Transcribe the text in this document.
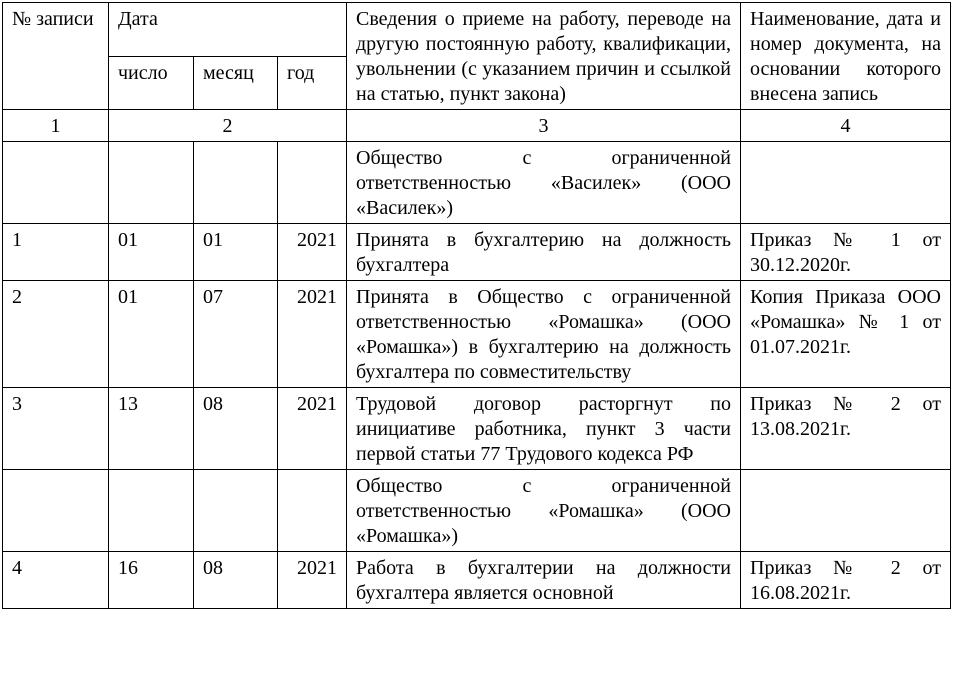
№ записи	Дата			Сведения о приеме на работу, переводе на другую постоянную работу, квалификации, увольнении (с указанием причин и ссылкой на статью, пункт закона)	Наименование, дата и номер документа, на основании которого внесена запись
	число	месяц	год		
1	2			3	4
				Общество с ограниченной ответственностью «Василек» (ООО «Василек»)	
1	01	01	2021	Принята в бухгалтерию на должность бухгалтера	Приказ № 1 от 30.12.2020г.
2	01	07	2021	Принята в Общество с ограниченной ответственностью «Ромашка» (ООО «Ромашка») в бухгалтерию на должность бухгалтера по совместительству	Копия Приказа ООО «Ромашка» № 1 от 01.07.2021г.
3	13	08	2021	Трудовой договор расторгнут по инициативе работника, пункт 3 части первой статьи 77 Трудового кодекса РФ	Приказ № 2 от 13.08.2021г.
				Общество с ограниченной ответственностью «Ромашка» (ООО «Ромашка»)	
4	16	08	2021	Работа в бухгалтерии на должности бухгалтера является основной	Приказ № 2 от 16.08.2021г.
